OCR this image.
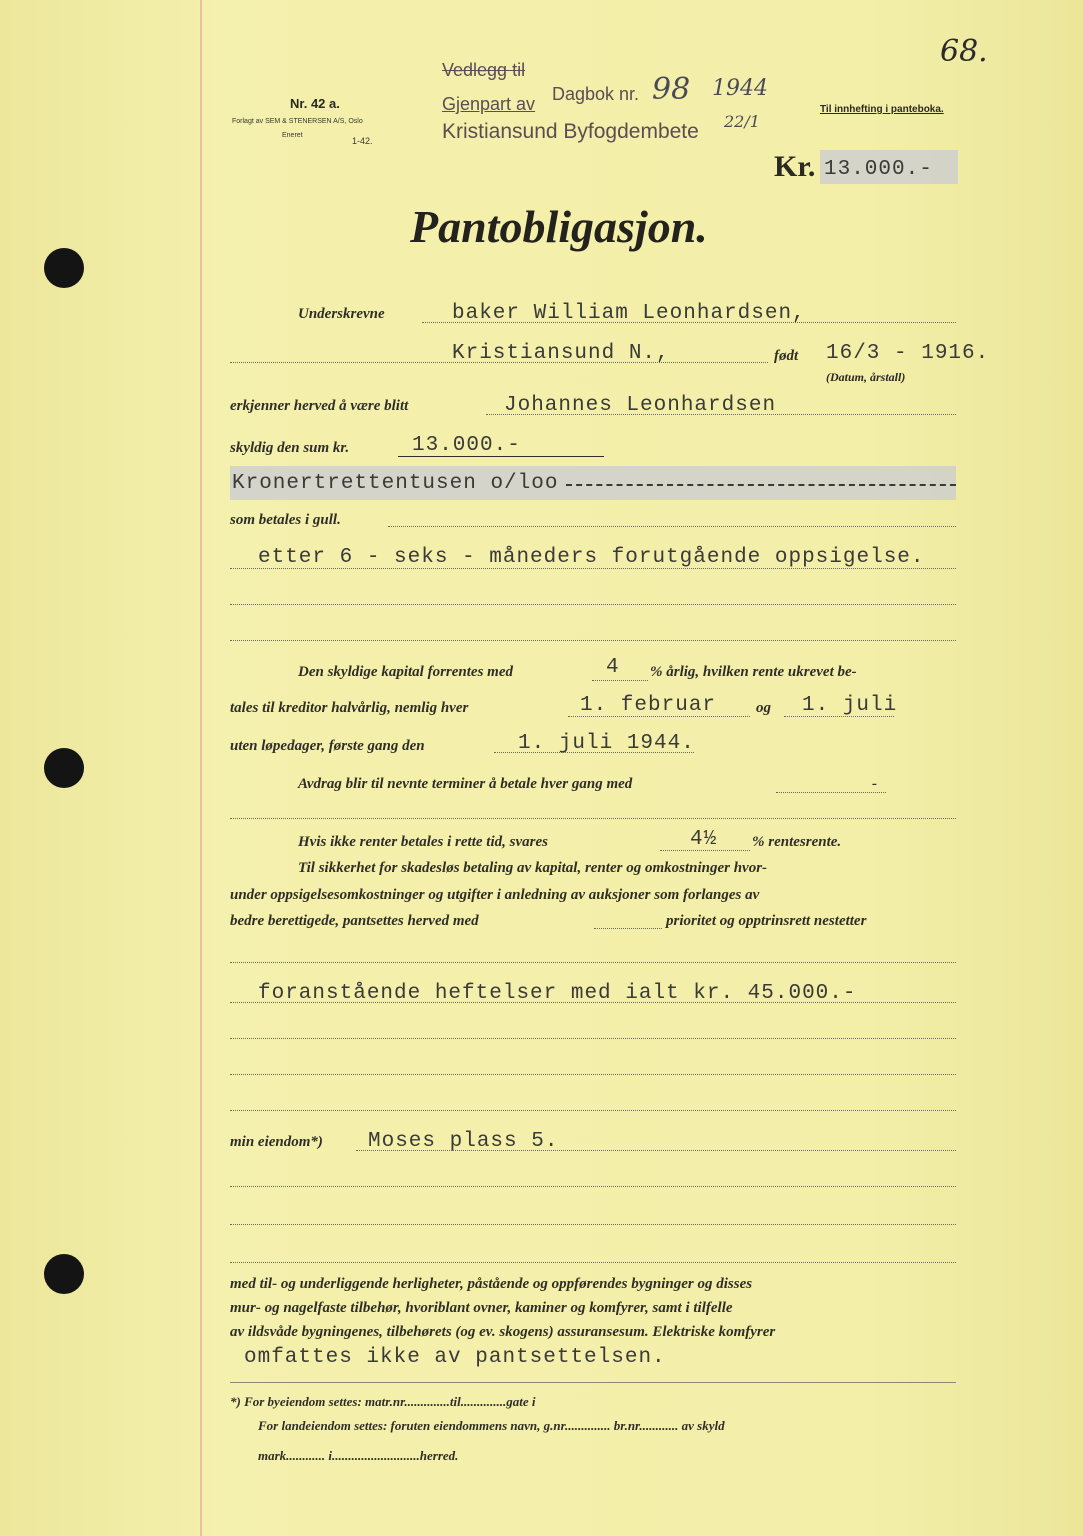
Nr. 42 a.
Forlagt av SEM & STENERSEN A/S, Oslo
Eneret
1-42.
Vedlegg til
Gjenpart av
Kristiansund Byfogdembete
Dagbok nr. 98 1944
22/1
68.
Til innhefting i panteboka.
Kr. 13.000.-
Pantobligasjon.
Underskrevne	baker William Leonhardsen,
Kristiansund N.,	født 16/3 - 1916.
(Datum, årstall)
erkjenner herved å være blitt	Johannes Leonhardsen
skyldig den sum kr.	13.000.-
Kronertrettentusen o/loo
som betales i gull.
etter 6 - seks - måneders forutgående oppsigelse.
Den skyldige kapital forrentes med	4 % årlig, hvilken rente ukrevet be-
tales til kreditor halvårlig, nemlig hver	1. februar	og 1. juli
uten løpedager, første gang den	1. juli 1944.
Avdrag blir til nevnte terminer å betale hver gang med	-
Hvis ikke renter betales i rette tid, svares	4½ % rentesrente.
Til sikkerhet for skadesløs betaling av kapital, renter og omkostninger hvor-
under oppsigelsesomkostninger og utgifter i anledning av auksjoner som forlanges av
bedre berettigede, pantsettes herved med	prioritet og opptrinsrett nestetter
foranstående heftelser med ialt kr. 45.000.-
min eiendom*) Moses plass 5.
med til- og underliggende herligheter, påstående og oppførendes bygninger og disses
mur- og nagelfaste tilbehør, hvoriblant ovner, kaminer og komfyrer, samt i tilfelle
av ildsvåde bygningenes, tilbehørets (og ev. skogens) assuransesum. Elektriske komfyrer
omfattes ikke av pantsettelsen.
*) For byeiendom settes: matr.nr..............til..............gate i
For landeiendom settes: foruten eiendommens navn, g.nr.............. br.nr............ av skyld
mark............ i...........................herred.
